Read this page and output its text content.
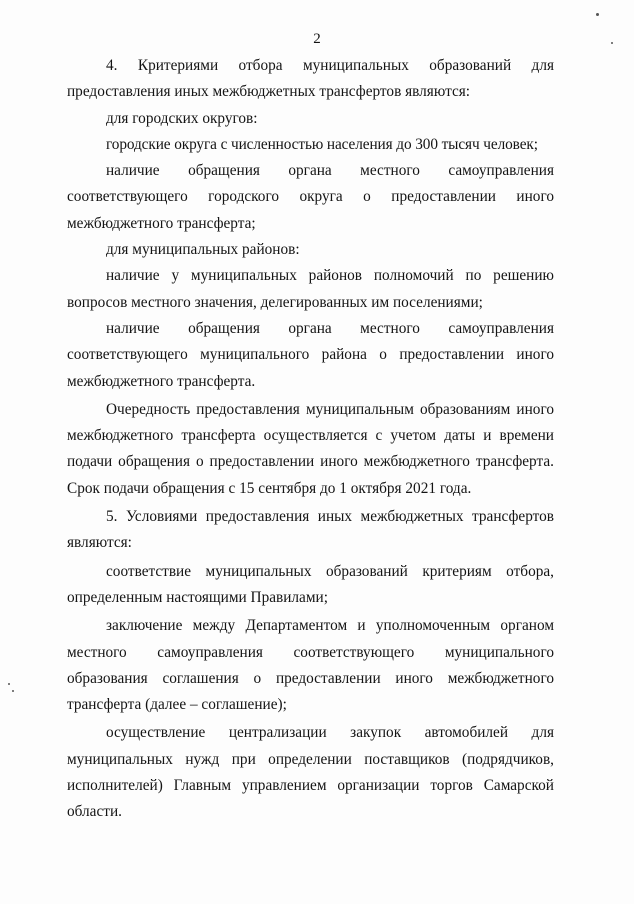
2

4. Критериями отбора муниципальных образований для предоставления иных межбюджетных трансфертов являются:

для городских округов:

городские округа с численностью населения до 300 тысяч человек;

наличие обращения органа местного самоуправления соответствующего городского округа о предоставлении иного межбюджетного трансферта;

для муниципальных районов:

наличие у муниципальных районов полномочий по решению вопросов местного значения, делегированных им поселениями;

наличие обращения органа местного самоуправления соответствующего муниципального района о предоставлении иного межбюджетного трансферта.

Очередность предоставления муниципальным образованиям иного межбюджетного трансферта осуществляется с учетом даты и времени подачи обращения о предоставлении иного межбюджетного трансферта. Срок подачи обращения с 15 сентября до 1 октября 2021 года.

5. Условиями предоставления иных межбюджетных трансфертов являются:

соответствие муниципальных образований критериям отбора, определенным настоящими Правилами;

заключение между Департаментом и уполномоченным органом местного самоуправления соответствующего муниципального образования соглашения о предоставлении иного межбюджетного трансферта (далее – соглашение);

осуществление централизации закупок автомобилей для муниципальных нужд при определении поставщиков (подрядчиков, исполнителей) Главным управлением организации торгов Самарской области.
